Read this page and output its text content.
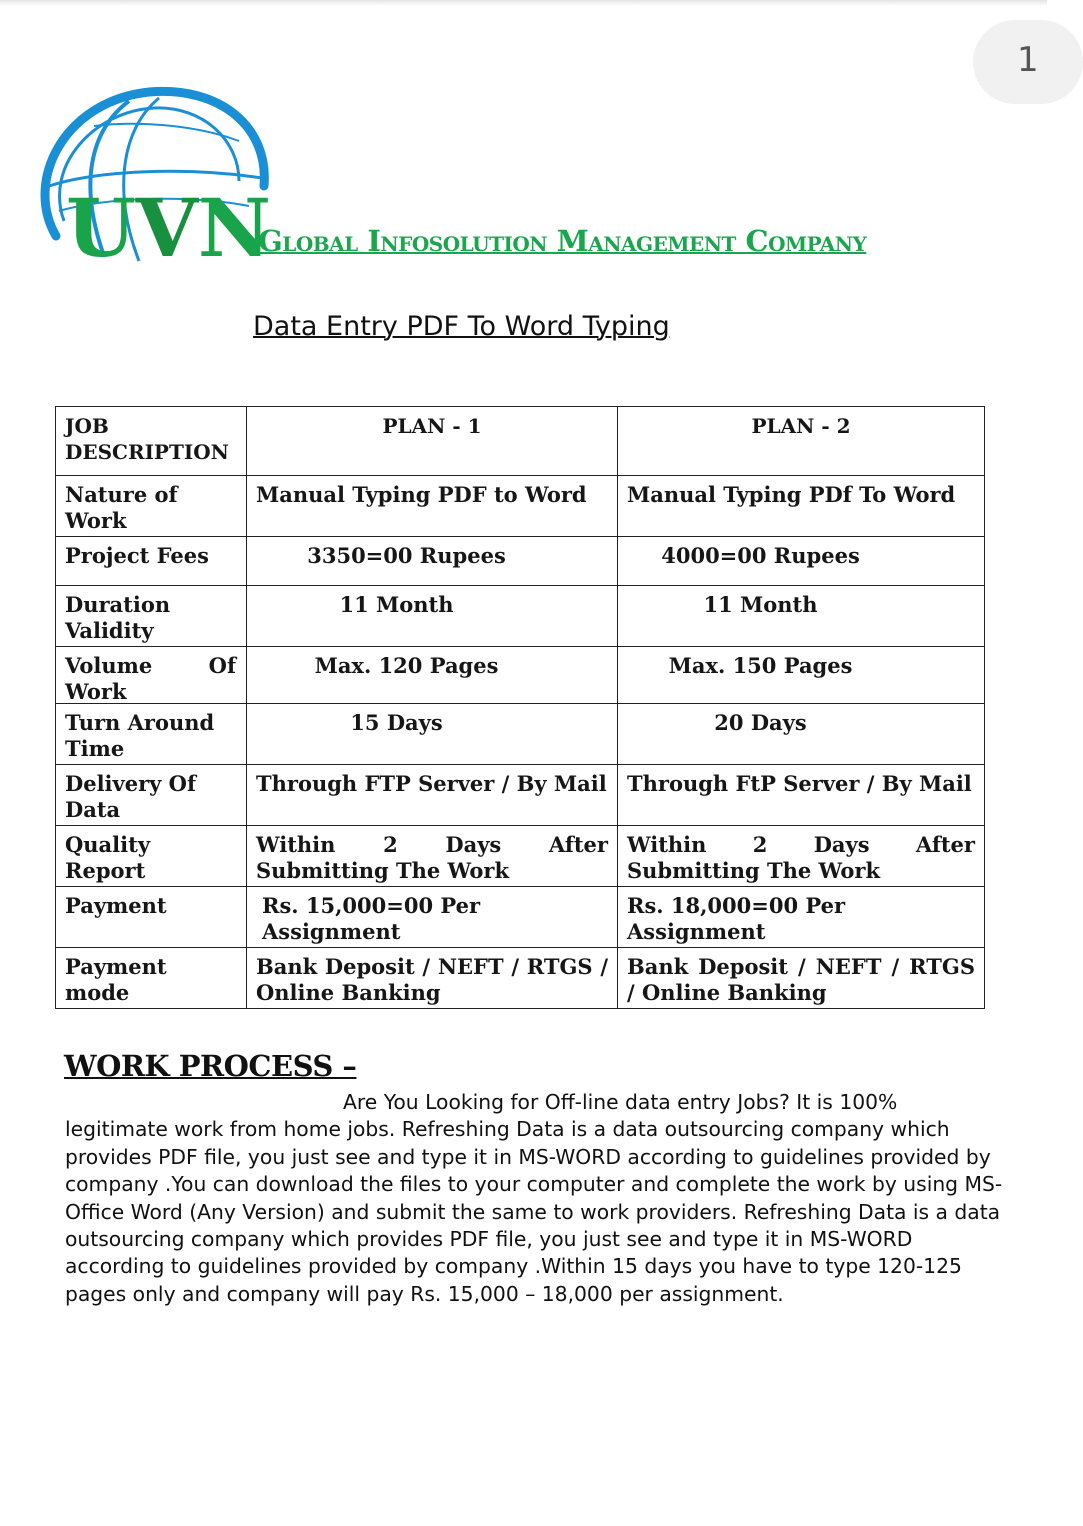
1
UVN
Global Infosolution Management Company
Data Entry PDF To Word Typing
JOB DESCRIPTION	PLAN - 1	PLAN - 2
Nature of Work	Manual Typing PDF to Word	Manual Typing PDf To Word
Project Fees	3350=00 Rupees	4000=00 Rupees
Duration Validity	11 Month	11 Month

Volume Of Work	Max. 120 Pages	Max. 150 Pages
Turn Around Time	15 Days	20 Days
Delivery Of Data	Through FTP Server / By Mail	Through FtP Server / By Mail
Quality Report	Within 2 Days After Submitting The Work	Within 2 Days After Submitting The Work
Payment	Rs. 15,000=00 Per Assignment	Rs. 18,000=00 Per Assignment
Payment mode	Bank Deposit / NEFT / RTGS / Online Banking	Bank Deposit / NEFT / RTGS / Online Banking
WORK PROCESS –
Are You Looking for Off-line data entry Jobs? It is 100%
legitimate work from home jobs. Refreshing Data is a data outsourcing company which provides PDF file, you just see and type it in MS-WORD according to guidelines provided by company .You can download the files to your computer and complete the work by using MS-Office Word (Any Version) and submit the same to work providers. Refreshing Data is a data outsourcing company which provides PDF file, you just see and type it in MS-WORD according to guidelines provided by company .Within 15 days you have to type 120-125 pages only and company will pay Rs. 15,000 – 18,000 per assignment.
